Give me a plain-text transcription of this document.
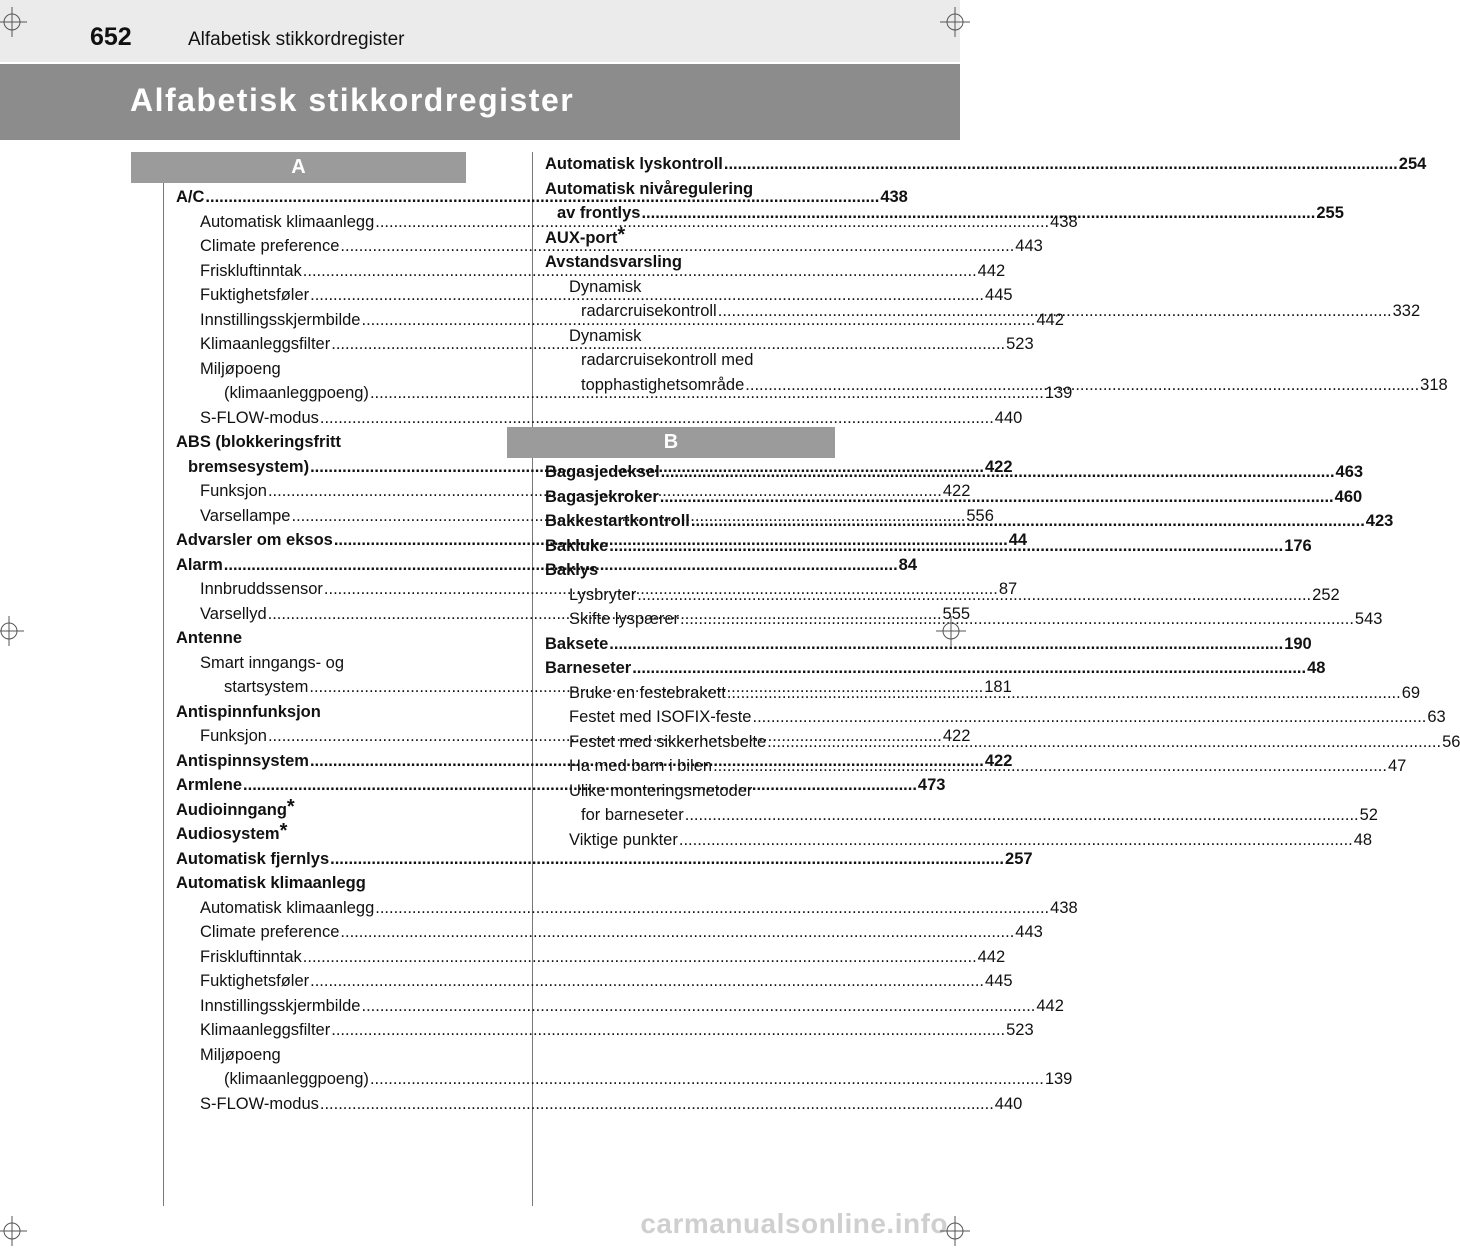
652	Alfabetisk stikkordregister
Alfabetisk stikkordregister
A
A/C .....	438
Automatisk klimaanlegg .....	438
Climate preference .....	443
Friskluftinntak .....	442
Fuktighetsføler .....	445
Innstillingsskjermbilde .....	442
Klimaanleggsfilter .....	523
Miljøpoeng
(klimaanleggpoeng) .....	139
S-FLOW-modus .....	440
ABS (blokkeringsfritt
bremsesystem) .....	422
Funksjon .....	422
Varsellampe .....	556
Advarsler om eksos .....	44
Alarm .....	84
Innbruddssensor .....	87
Varsellyd .....	555
Antenne
Smart inngangs- og
startsystem .....	181
Antispinnfunksjon
Funksjon .....	422
Antispinnsystem .....	422
Armlene .....	473
Audioinngang*
Audiosystem*
Automatisk fjernlys .....	257
Automatisk klimaanlegg
Automatisk klimaanlegg .....	438
Climate preference .....	443
Friskluftinntak .....	442
Fuktighetsføler .....	445
Innstillingsskjermbilde .....	442
Klimaanleggsfilter .....	523
Miljøpoeng
(klimaanleggpoeng) .....	139
S-FLOW-modus .....	440
Automatisk lyskontroll .....	254
Automatisk nivåregulering
av frontlys .....	255
AUX-port*
Avstandsvarsling
Dynamisk
radarcruisekontroll .....	332
Dynamisk
radarcruisekontroll med
topphastighetsområde .....	318
B
Bagasjedeksel .....	463
Bagasjekroker .....	460
Bakkestartkontroll .....	423
Bakluke .....	176
Baklys
Lysbryter .....	252
Skifte lyspærer .....	543
Baksete .....	190
Barneseter .....	48
Bruke en festebrakett .....	69
Festet med ISOFIX-feste .....	63
Festet med sikkerhetsbelte .....	56
Ha med barn i bilen .....	47
Ulike monteringsmetoder
for barneseter .....	52
Viktige punkter .....	48
carmanualsonline.info
